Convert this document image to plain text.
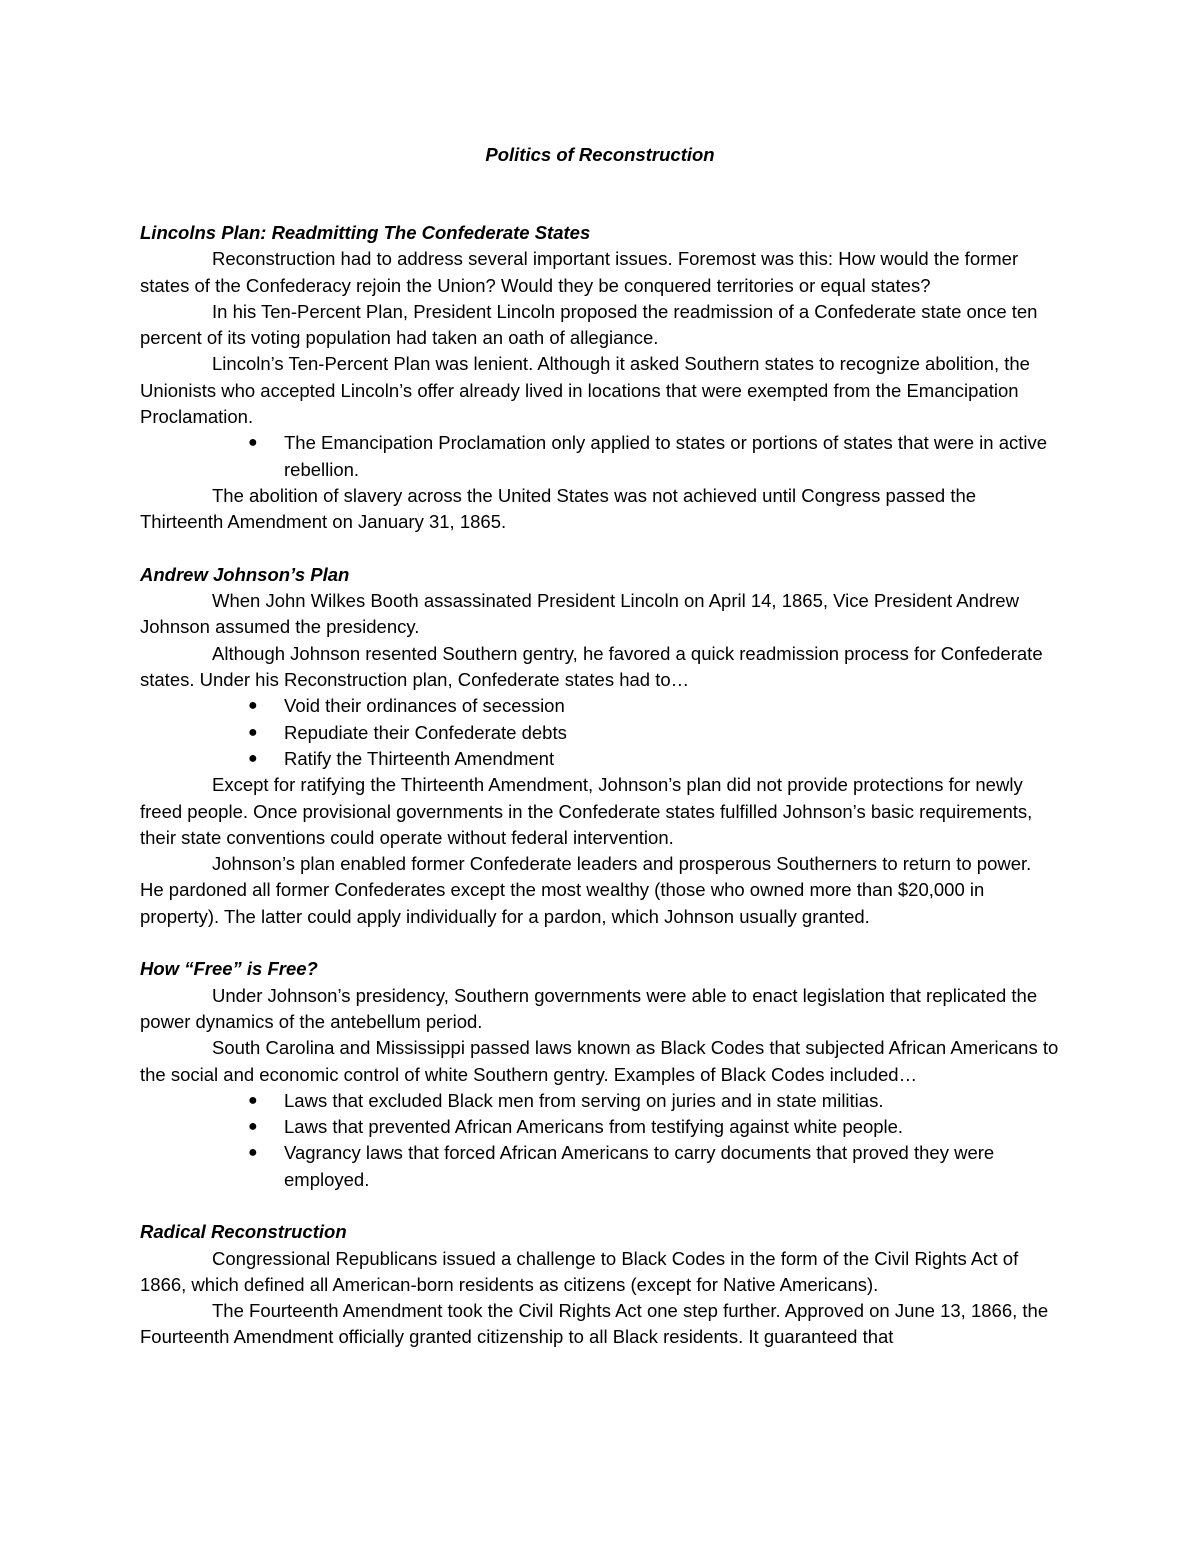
Politics of Reconstruction
Lincolns Plan: Readmitting The Confederate States

Reconstruction had to address several important issues. Foremost was this: How would the former states of the Confederacy rejoin the Union? Would they be conquered territories or equal states?

In his Ten-Percent Plan, President Lincoln proposed the readmission of a Confederate state once ten percent of its voting population had taken an oath of allegiance.

Lincoln’s Ten-Percent Plan was lenient. Although it asked Southern states to recognize abolition, the Unionists who accepted Lincoln’s offer already lived in locations that were exempted from the Emancipation Proclamation.

● The Emancipation Proclamation only applied to states or portions of states that were in active rebellion.

The abolition of slavery across the United States was not achieved until Congress passed the Thirteenth Amendment on January 31, 1865.

Andrew Johnson’s Plan

When John Wilkes Booth assassinated President Lincoln on April 14, 1865, Vice President Andrew Johnson assumed the presidency.

Although Johnson resented Southern gentry, he favored a quick readmission process for Confederate states. Under his Reconstruction plan, Confederate states had to…

● Void their ordinances of secession
● Repudiate their Confederate debts
● Ratify the Thirteenth Amendment

Except for ratifying the Thirteenth Amendment, Johnson’s plan did not provide protections for newly freed people. Once provisional governments in the Confederate states fulfilled Johnson’s basic requirements, their state conventions could operate without federal intervention.

Johnson’s plan enabled former Confederate leaders and prosperous Southerners to return to power. He pardoned all former Confederates except the most wealthy (those who owned more than $20,000 in property). The latter could apply individually for a pardon, which Johnson usually granted.

How “Free” is Free?

Under Johnson’s presidency, Southern governments were able to enact legislation that replicated the power dynamics of the antebellum period.

South Carolina and Mississippi passed laws known as Black Codes that subjected African Americans to the social and economic control of white Southern gentry. Examples of Black Codes included…

● Laws that excluded Black men from serving on juries and in state militias.
● Laws that prevented African Americans from testifying against white people.
● Vagrancy laws that forced African Americans to carry documents that proved they were employed.
Radical Reconstruction

Congressional Republicans issued a challenge to Black Codes in the form of the Civil Rights Act of 1866, which defined all American-born residents as citizens (except for Native Americans).

The Fourteenth Amendment took the Civil Rights Act one step further. Approved on June 13, 1866, the Fourteenth Amendment officially granted citizenship to all Black residents. It guaranteed that
